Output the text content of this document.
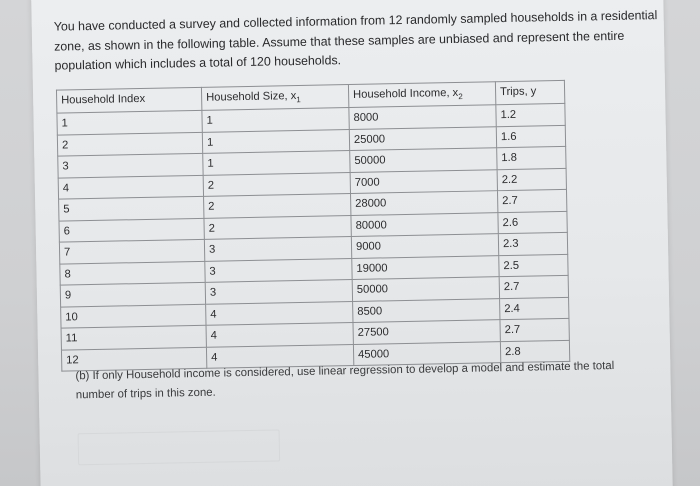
You have conducted a survey and collected information from 12 randomly sampled households in a residential
zone, as shown in the following table. Assume that these samples are unbiased and represent the entire
population which includes a total of 120 households.
Household Index	Household Size, $x_1$	Household Income, $x_2$	Trips, y
1	1	8000	1.2
2	1	25000	1.6
3	1	50000	1.8
4	2	7000	2.2
5	2	28000	2.7
6	2	80000	2.6
7	3	9000	2.3
8	3	19000	2.5
9	3	50000	2.7
10	4	8500	2.4
11	4	27500	2.7
12	4	45000	2.8
(b) If only Household income is considered, use linear regression to develop a model and estimate the total
number of trips in this zone.
